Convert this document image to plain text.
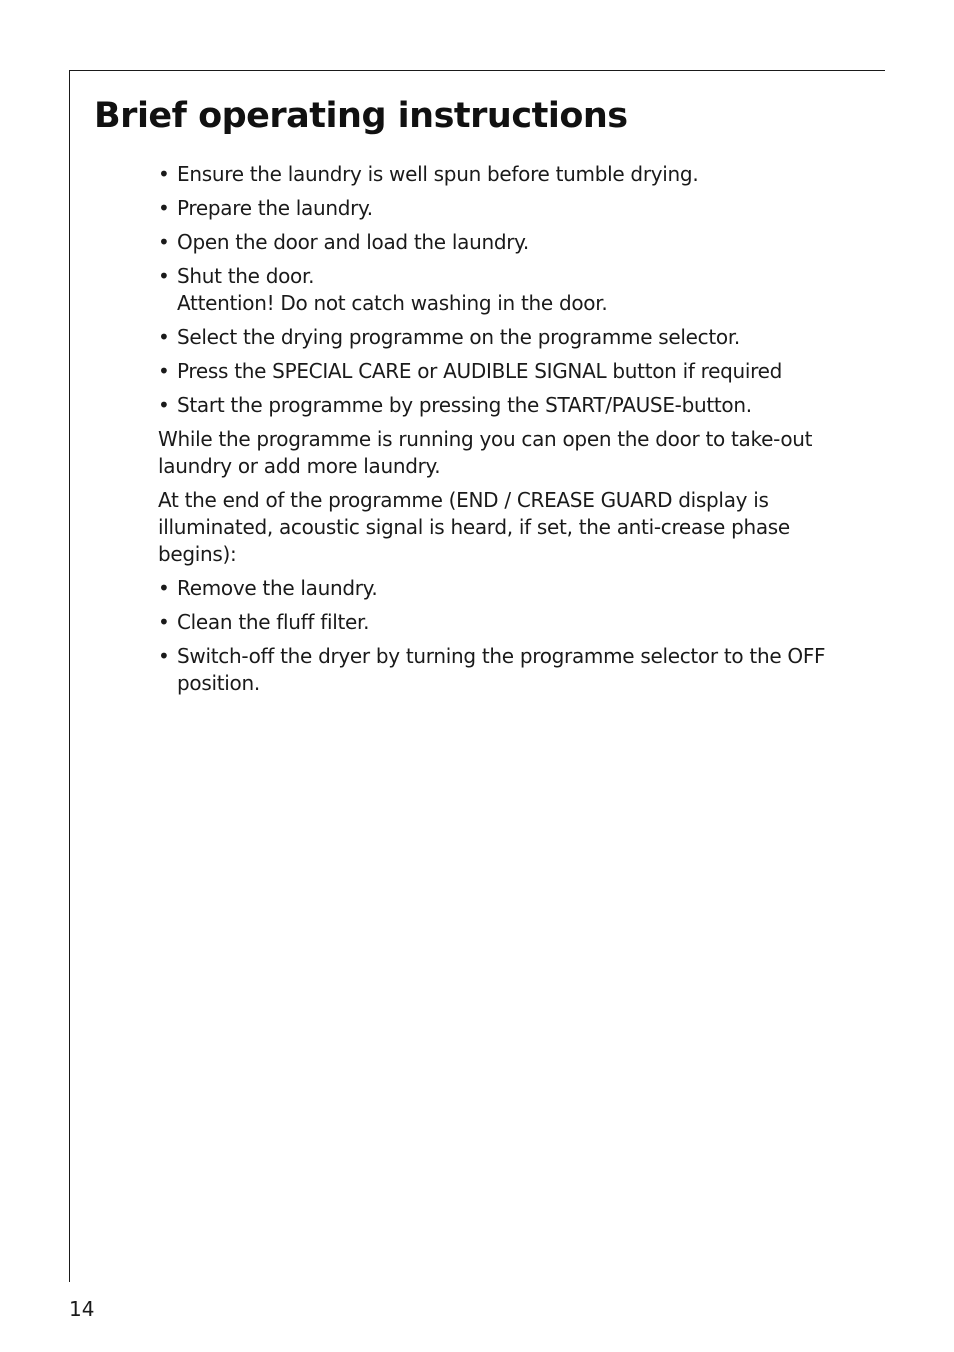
Brief operating instructions
• Ensure the laundry is well spun before tumble drying.
• Prepare the laundry.
• Open the door and load the laundry.
• Shut the door.
Attention! Do not catch washing in the door.
• Select the drying programme on the programme selector.
• Press the SPECIAL CARE or AUDIBLE SIGNAL button if required
• Start the programme by pressing the START/PAUSE-button.

While the programme is running you can open the door to take-out laundry or add more laundry.

At the end of the programme (END / CREASE GUARD display is illuminated, acoustic signal is heard, if set, the anti-crease phase begins):

• Remove the laundry.
• Clean the fluff filter.
• Switch-off the dryer by turning the programme selector to the OFF position.
14
